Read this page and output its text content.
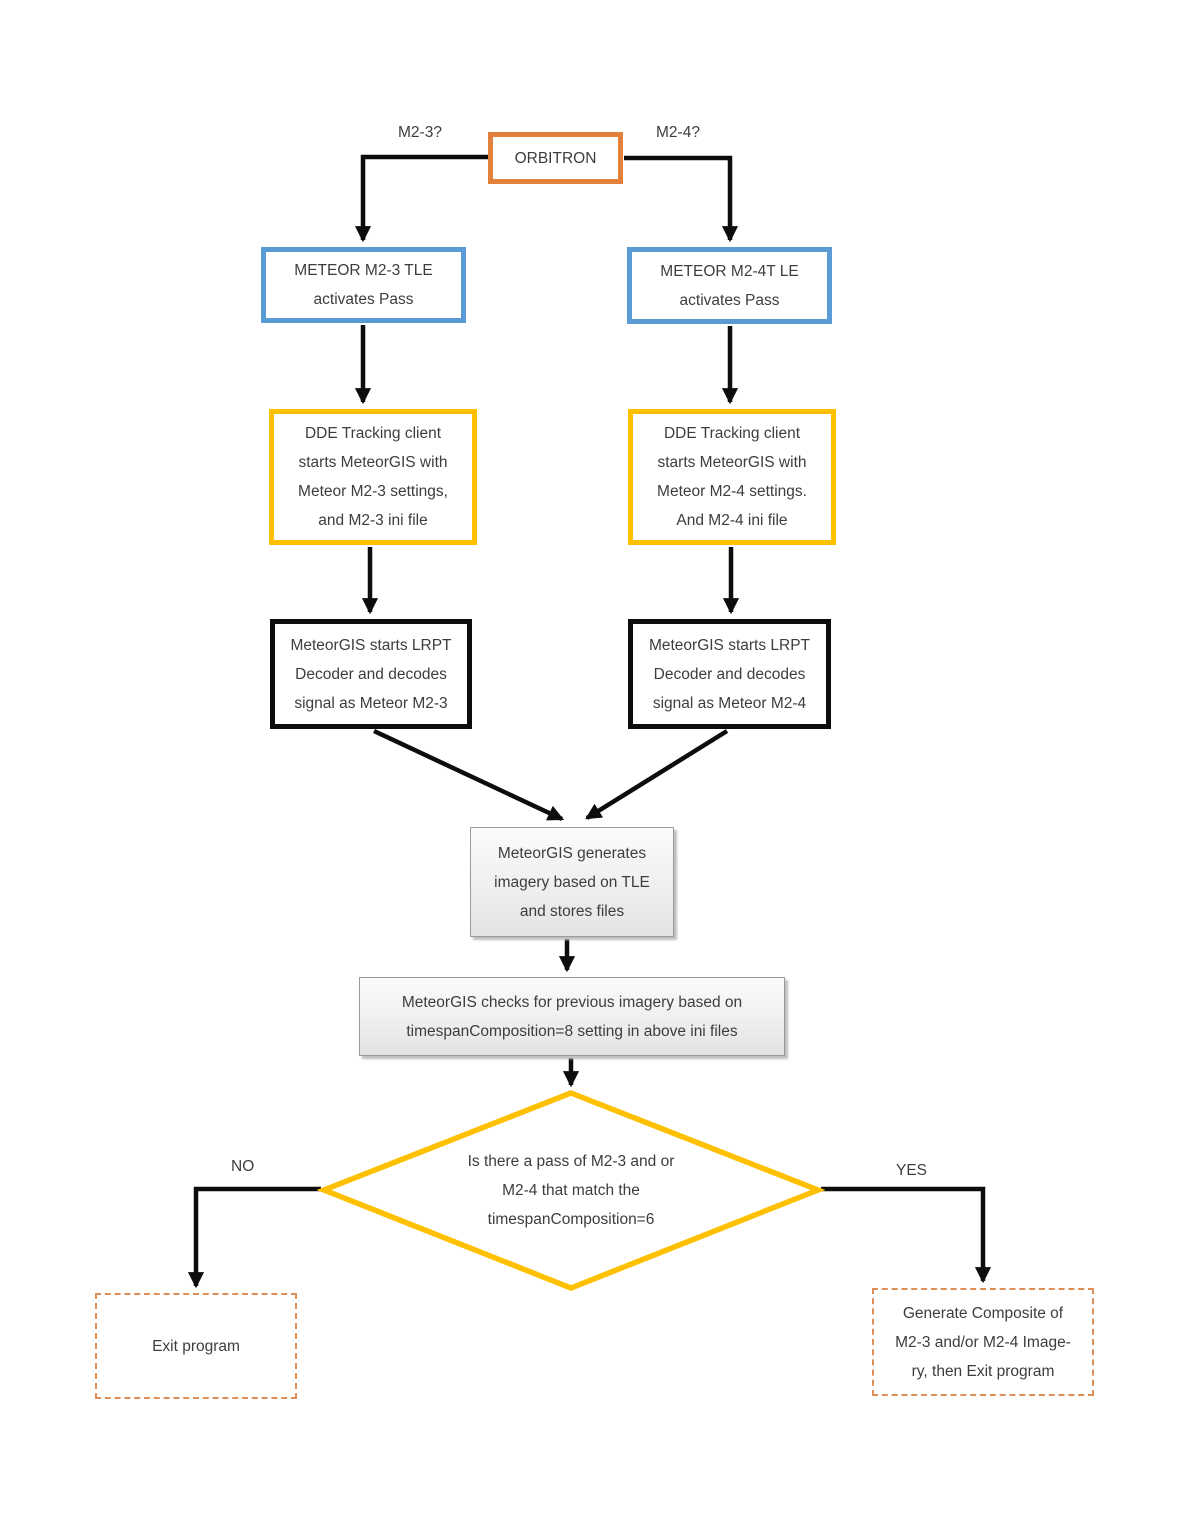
M2-3?	M2-4?
NO	YES
ORBITRON
METEOR M2-3 TLE
activates Pass
METEOR M2-4T LE
activates Pass
DDE Tracking client
starts MeteorGIS with
Meteor M2-3 settings,
and M2-3 ini file
DDE Tracking client
starts MeteorGIS with
Meteor M2-4 settings.
And M2-4 ini file
MeteorGIS starts LRPT
Decoder and decodes
signal as Meteor M2-3
MeteorGIS starts LRPT
Decoder and decodes
signal as Meteor M2-4
MeteorGIS generates
imagery based on TLE
and stores files
MeteorGIS checks for previous imagery based on
timespanComposition=8 setting in above ini files
Is there a pass of M2-3 and or
M2-4 that match the
timespanComposition=6
Exit program
Generate Composite of
M2-3 and/or M2-4 Image-
ry, then Exit program
